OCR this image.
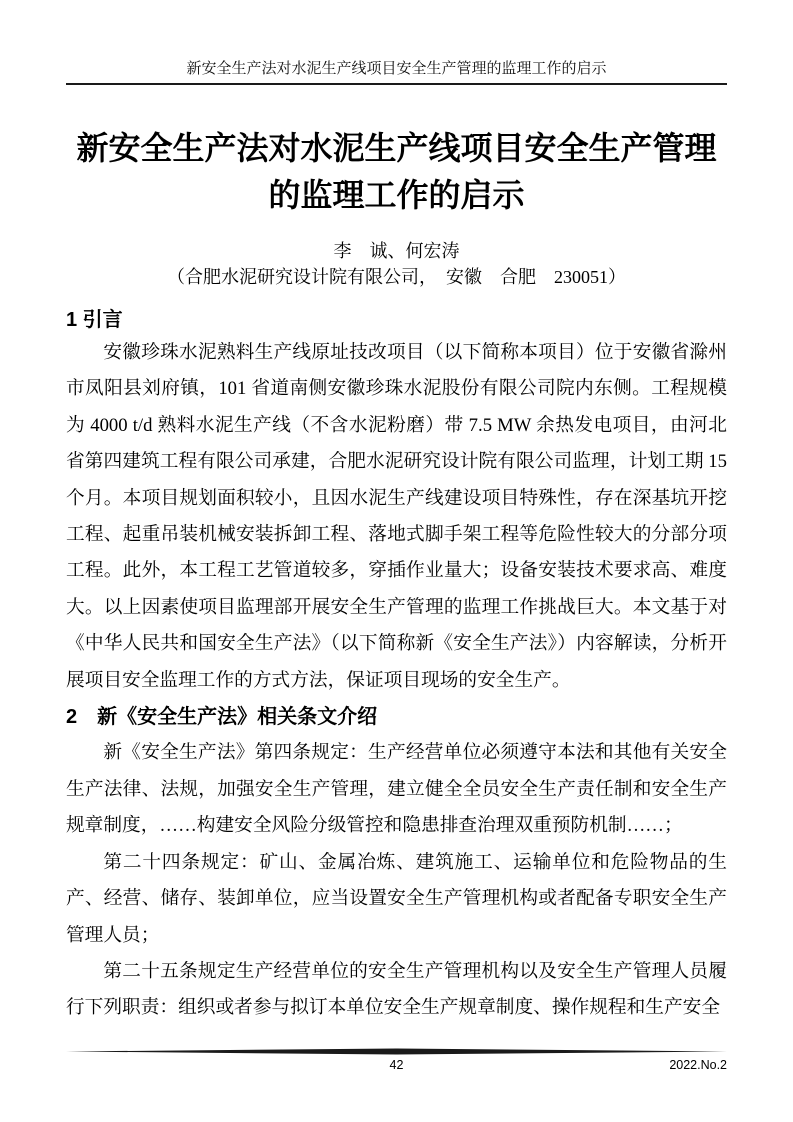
新安全生产法对水泥生产线项目安全生产管理的监理工作的启示
新安全生产法对水泥生产线项目安全生产管理的监理工作的启示
李　诚、何宏涛
（合肥水泥研究设计院有限公司，　安徽　合肥　230051）
1 引言

安徽珍珠水泥熟料生产线原址技改项目（以下简称本项目）位于安徽省滁州市凤阳县刘府镇，101 省道南侧安徽珍珠水泥股份有限公司院内东侧。工程规模为 4000 t/d 熟料水泥生产线（不含水泥粉磨）带 7.5 MW 余热发电项目，由河北省第四建筑工程有限公司承建，合肥水泥研究设计院有限公司监理，计划工期 15 个月。本项目规划面积较小，且因水泥生产线建设项目特殊性，存在深基坑开挖工程、起重吊装机械安装拆卸工程、落地式脚手架工程等危险性较大的分部分项工程。此外，本工程工艺管道较多，穿插作业量大；设备安装技术要求高、难度大。以上因素使项目监理部开展安全生产管理的监理工作挑战巨大。本文基于对《中华人民共和国安全生产法》（以下简称新《安全生产法》）内容解读，分析开展项目安全监理工作的方式方法，保证项目现场的安全生产。

2　新《安全生产法》相关条文介绍

新《安全生产法》第四条规定：生产经营单位必须遵守本法和其他有关安全生产法律、法规，加强安全生产管理，建立健全全员安全生产责任制和安全生产规章制度，……构建安全风险分级管控和隐患排查治理双重预防机制……；

第二十四条规定：矿山、金属冶炼、建筑施工、运输单位和危险物品的生产、经营、储存、装卸单位，应当设置安全生产管理机构或者配备专职安全生产管理人员；

第二十五条规定生产经营单位的安全生产管理机构以及安全生产管理人员履行下列职责：组织或者参与拟订本单位安全生产规章制度、操作规程和生产安全

42	2022.No.2
